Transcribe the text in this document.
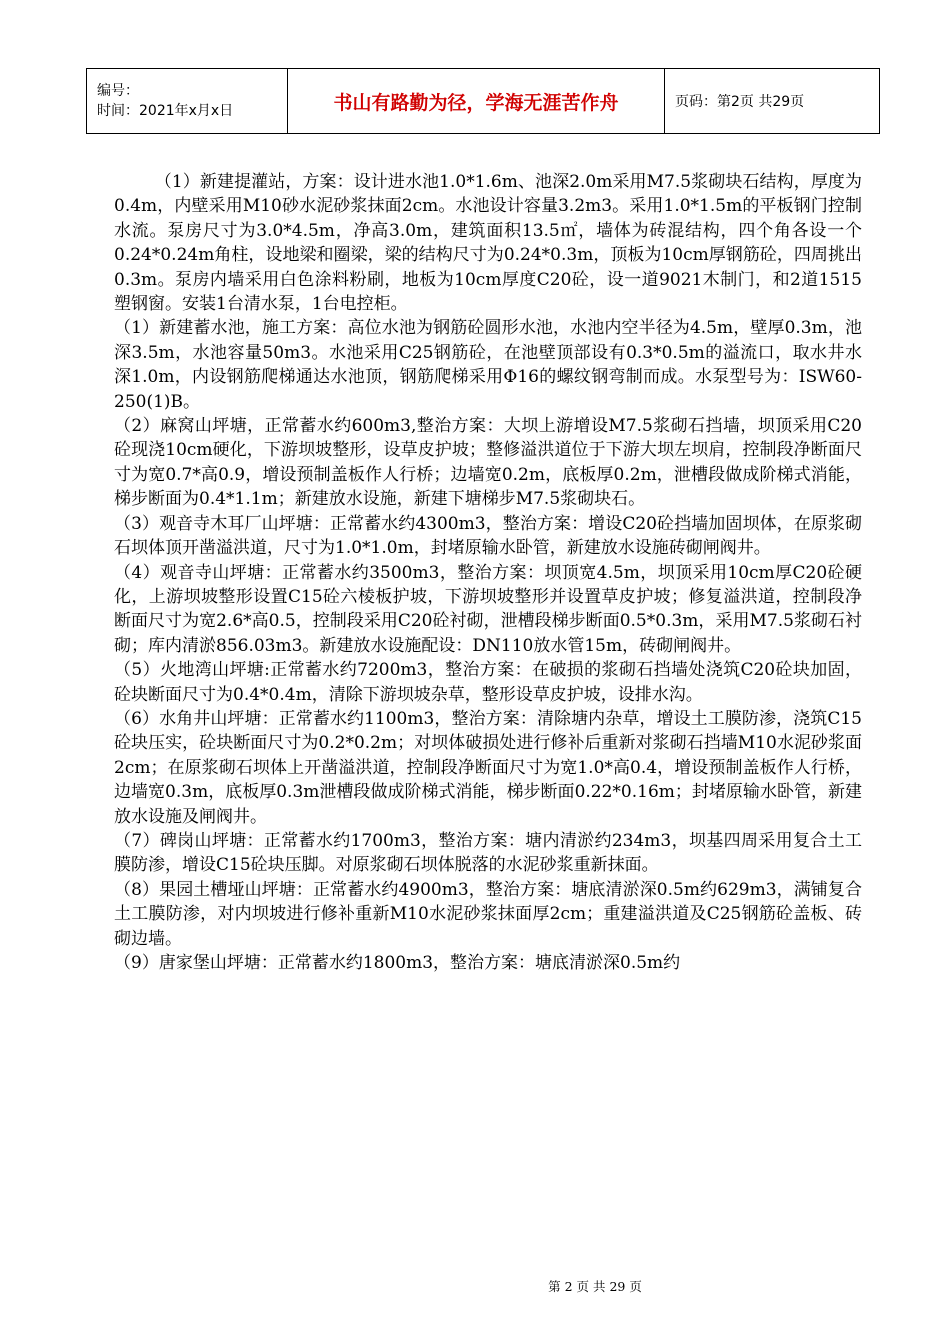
编号：
时间：2021年x月x日	书山有路勤为径，学海无涯苦作舟	页码：第2页 共29页

（1）新建提灌站，方案：设计进水池1.0*1.6m、池深2.0m采用M7.5浆砌块石结构，厚度为0.4m，内壁采用M10砂水泥砂浆抹面2cm。水池设计容量3.2m3。采用1.0*1.5m的平板钢门控制水流。泵房尺寸为3.0*4.5m，净高3.0m，建筑面积13.5㎡，墙体为砖混结构，四个角各设一个0.24*0.24m角柱，设地梁和圈梁，梁的结构尺寸为0.24*0.3m，顶板为10cm厚钢筋砼，四周挑出0.3m。泵房内墙采用白色涂料粉刷，地板为10cm厚度C20砼，设一道9021木制门，和2道1515塑钢窗。安装1台清水泵，1台电控柜。

（1）新建蓄水池，施工方案：高位水池为钢筋砼圆形水池，水池内空半径为4.5m，壁厚0.3m，池深3.5m，水池容量50m3。水池采用C25钢筋砼，在池壁顶部设有0.3*0.5m的溢流口，取水井水深1.0m，内设钢筋爬梯通达水池顶，钢筋爬梯采用Φ16的螺纹钢弯制而成。水泵型号为：ISW60-250(1)B。

（2）麻窝山坪塘，正常蓄水约600m3,整治方案：大坝上游增设M7.5浆砌石挡墙，坝顶采用C20砼现浇10cm硬化，下游坝坡整形，设草皮护坡；整修溢洪道位于下游大坝左坝肩，控制段净断面尺寸为宽0.7*高0.9，增设预制盖板作人行桥；边墙宽0.2m，底板厚0.2m，泄槽段做成阶梯式消能，梯步断面为0.4*1.1m；新建放水设施，新建下塘梯步M7.5浆砌块石。

（3）观音寺木耳厂山坪塘：正常蓄水约4300m3，整治方案：增设C20砼挡墙加固坝体，在原浆砌石坝体顶开凿溢洪道，尺寸为1.0*1.0m，封堵原输水卧管，新建放水设施砖砌闸阀井。

（4）观音寺山坪塘：正常蓄水约3500m3，整治方案：坝顶宽4.5m，坝顶采用10cm厚C20砼硬化，上游坝坡整形设置C15砼六棱板护坡，下游坝坡整形并设置草皮护坡；修复溢洪道，控制段净断面尺寸为宽2.6*高0.5，控制段采用C20砼衬砌，泄槽段梯步断面0.5*0.3m，采用M7.5浆砌石衬砌；库内清淤856.03m3。新建放水设施配设：DN110放水管15m，砖砌闸阀井。

（5）火地湾山坪塘:正常蓄水约7200m3，整治方案：在破损的浆砌石挡墙处浇筑C20砼块加固，砼块断面尺寸为0.4*0.4m，清除下游坝坡杂草，整形设草皮护坡，设排水沟。

（6）水角井山坪塘：正常蓄水约1100m3，整治方案：清除塘内杂草，增设土工膜防渗，浇筑C15砼块压实，砼块断面尺寸为0.2*0.2m；对坝体破损处进行修补后重新对浆砌石挡墙M10水泥砂浆面2cm；在原浆砌石坝体上开凿溢洪道，控制段净断面尺寸为宽1.0*高0.4，增设预制盖板作人行桥，边墙宽0.3m，底板厚0.3m泄槽段做成阶梯式消能，梯步断面0.22*0.16m；封堵原输水卧管，新建放水设施及闸阀井。

（7）碑岗山坪塘：正常蓄水约1700m3，整治方案：塘内清淤约234m3，坝基四周采用复合土工膜防渗，增设C15砼块压脚。对原浆砌石坝体脱落的水泥砂浆重新抹面。

（8）果园土槽垭山坪塘：正常蓄水约4900m3，整治方案：塘底清淤深0.5m约629m3，满铺复合土工膜防渗，对内坝坡进行修补重新M10水泥砂浆抹面厚2cm；重建溢洪道及C25钢筋砼盖板、砖砌边墙。

（9）唐家堡山坪塘：正常蓄水约1800m3，整治方案：塘底清淤深0.5m约

第 2 页 共 29 页
